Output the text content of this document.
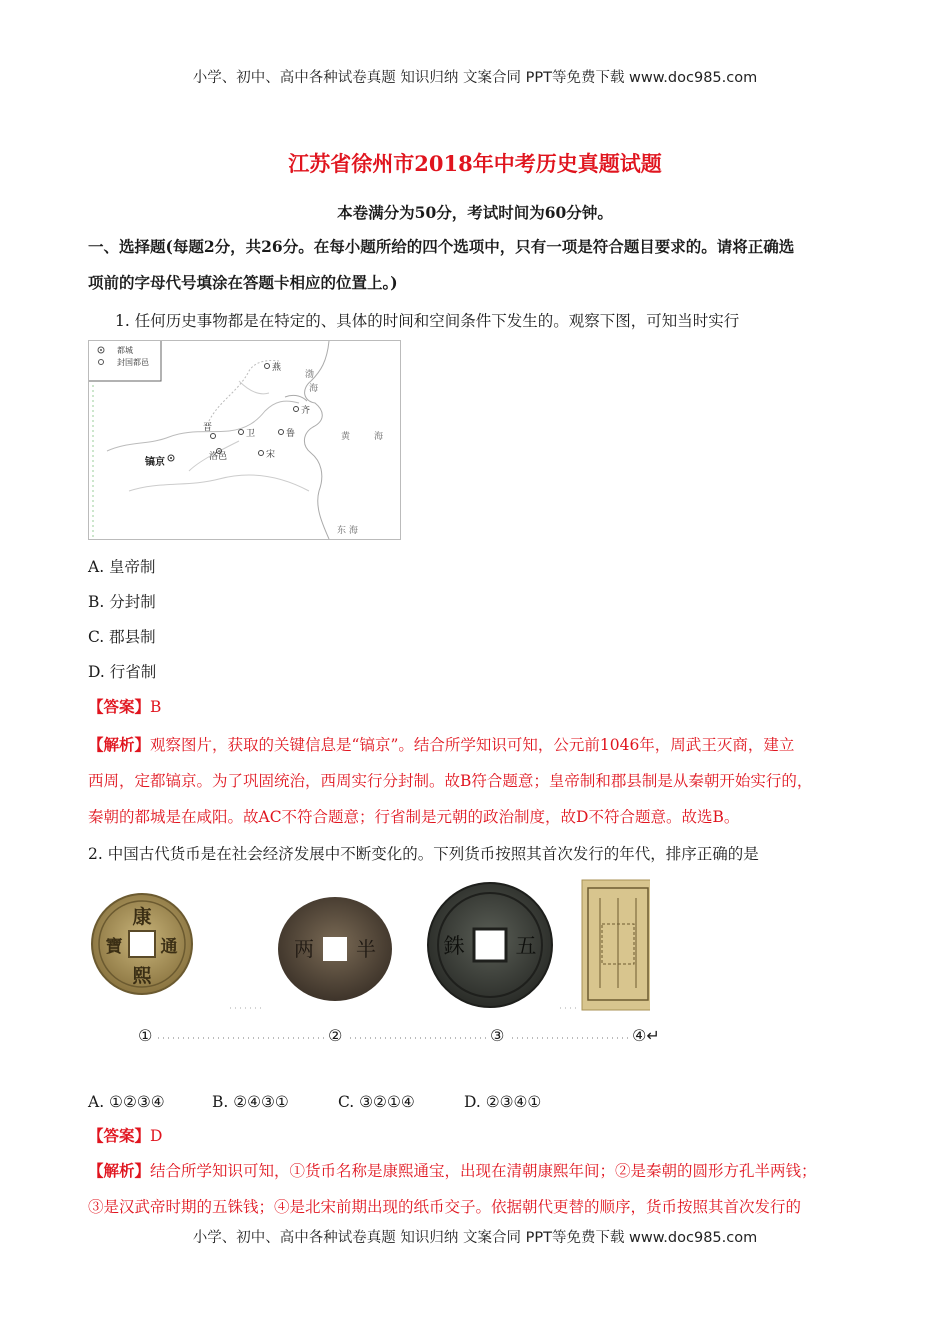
小学、初中、高中各种试卷真题 知识归纳 文案合同 PPT等免费下载 www.doc985.com
江苏省徐州市2018年中考历史真题试题
本卷满分为50分，考试时间为60分钟。
一、选择题(每题2分，共26分。在每小题所给的四个选项中，只有一项是符合题目要求的。请将正确选
项前的字母代号填涂在答题卡相应的位置上。)
1. 任何历史事物都是在特定的、具体的时间和空间条件下发生的。观察下图，可知当时实行
都城
封国都邑
燕
齐
鲁
晋
卫
宋
洛邑
镐京
渤
海
黄	海
东 海
A. 皇帝制
B. 分封制
C. 郡县制
D. 行省制
【答案】B
【解析】观察图片，获取的关键信息是“镐京”。结合所学知识可知，公元前1046年，周武王灭商，建立
西周，定都镐京。为了巩固统治，西周实行分封制。故B符合题意；皇帝制和郡县制是从秦朝开始实行的，
秦朝的都城是在咸阳。故AC不符合题意；行省制是元朝的政治制度，故D不符合题意。故选B。
2. 中国古代货币是在社会经济发展中不断变化的。下列货币按照其首次发行的年代，排序正确的是
康
通
熙
寶	半
两	五
銖
①	②	③	④↵
A. ①②③④	B. ②④③①	C. ③②①④	D. ②③④①
【答案】D
【解析】结合所学知识可知，①货币名称是康熙通宝，出现在清朝康熙年间；②是秦朝的圆形方孔半两钱；
③是汉武帝时期的五铢钱；④是北宋前期出现的纸币交子。依据朝代更替的顺序，货币按照其首次发行的
小学、初中、高中各种试卷真题 知识归纳 文案合同 PPT等免费下载 www.doc985.com
